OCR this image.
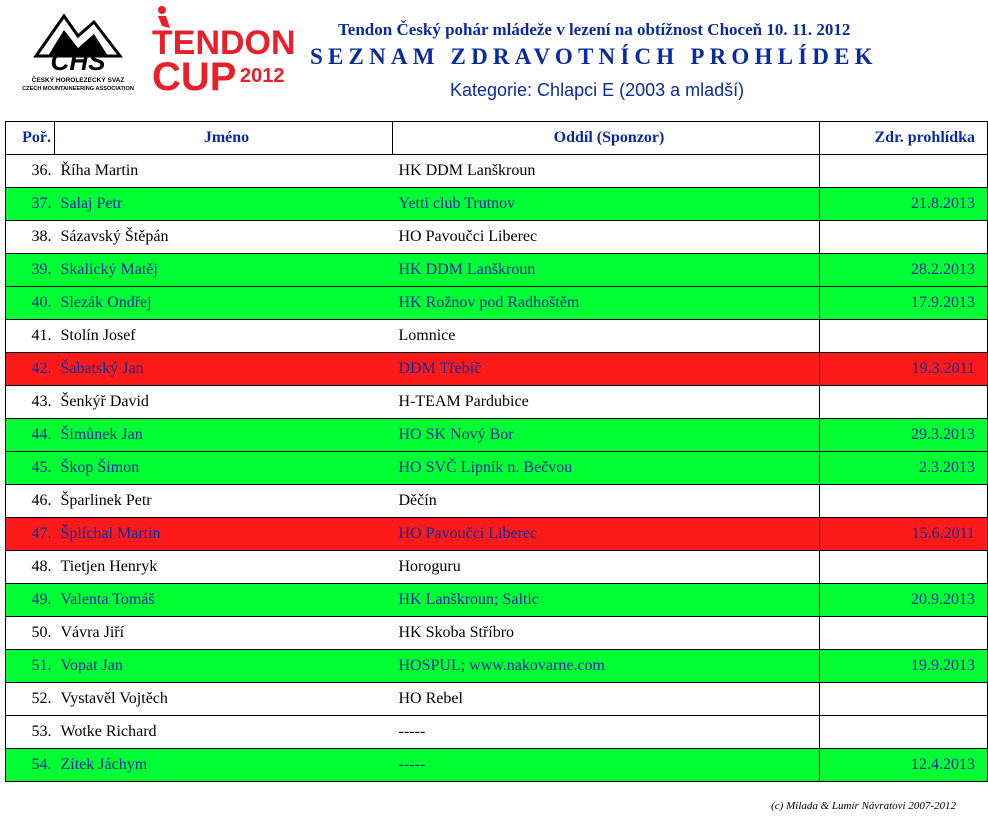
CHS
ČESKÝ HOROLEZECKÝ SVAZ
CZECH MOUNTAINEERING ASSOCIATION
TENDON
CUP 2012
Tendon Český pohár mládeže v lezení na obtížnost Choceň 10. 11. 2012
SEZNAM ZDRAVOTNÍCH PROHLÍDEK
Kategorie: Chlapci E (2003 a mladší)
Poř.	Jméno	Oddíl (Sponzor)	Zdr. prohlídka
36.	Říha Martin	HK DDM Lanškroun	
37.	Salaj Petr	Yetti club Trutnov	21.8.2013
38.	Sázavský Štěpán	HO Pavoučci Liberec	
39.	Skalický Matěj	HK DDM Lanškroun	28.2.2013
40.	Slezák Ondřej	HK Rožnov pod Radhoštěm	17.9.2013
41.	Stolín Josef	Lomnice	
42.	Šabatský Jan	DDM Třebíč	19.3.2011
43.	Šenkýř David	H-TEAM Pardubice	
44.	Šimůnek Jan	HO SK Nový Bor	29.3.2013
45.	Škop Šimon	HO SVČ Lipník n. Bečvou	2.3.2013
46.	Šparlinek Petr	Děčín	
47.	Šplíchal Martin	HO Pavoučci Liberec	15.6.2011
48.	Tietjen Henryk	Horoguru	
49.	Valenta Tomáš	HK Lanškroun; Saltic	20.9.2013
50.	Vávra Jiří	HK Skoba Stříbro	
51.	Vopat Jan	HOSPUL; www.nakovarne.com	19.9.2013
52.	Vystavěl Vojtěch	HO Rebel	
53.	Wotke Richard	-----	
54.	Zítek Jáchym	-----	12.4.2013
(c) Milada & Lumír Návratovi 2007-2012
